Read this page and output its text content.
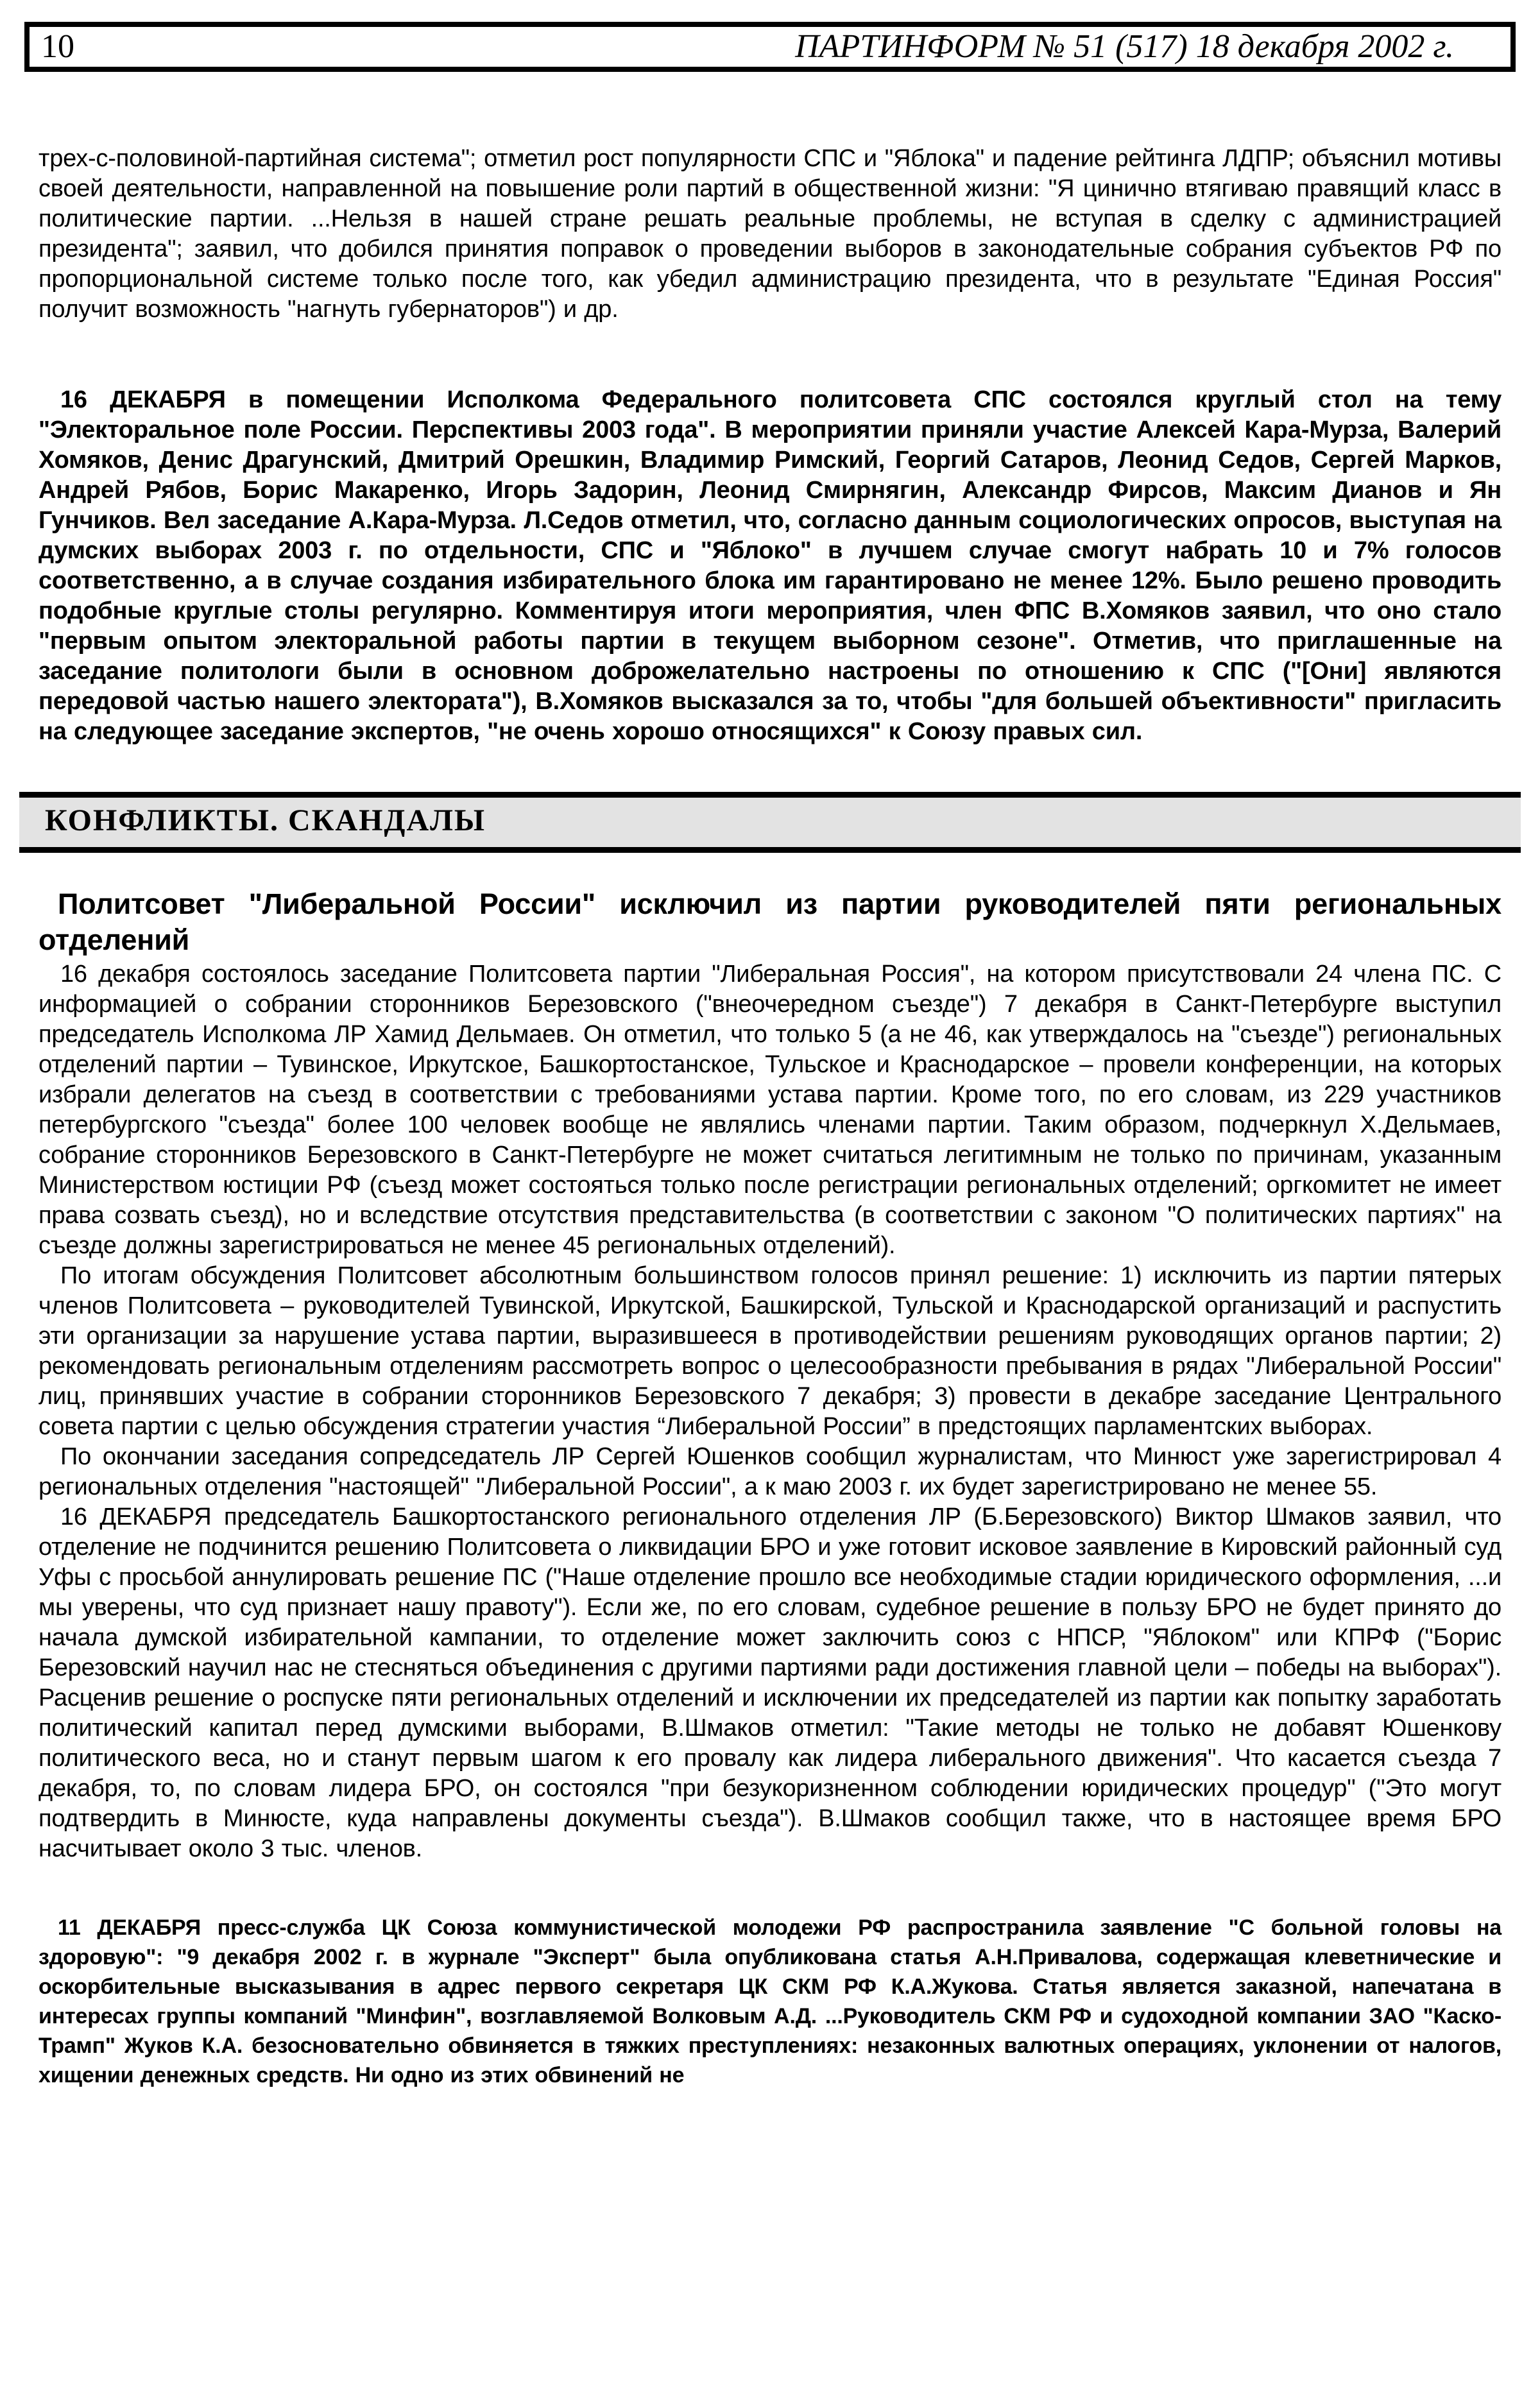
10	ПАРТИНФОРМ № 51 (517) 18 декабря 2002 г.

трех-с-половиной-партийная система"; отметил рост популярности СПС и "Яблока" и падение рейтинга ЛДПР; объяснил мотивы своей деятельности, направленной на повышение роли партий в общественной жизни: "Я цинично втягиваю правящий класс в политические партии. ...Нельзя в нашей стране решать реальные проблемы, не вступая в сделку с администрацией президента"; заявил, что добился принятия поправок о проведении выборов в законодательные собрания субъектов РФ по пропорциональной системе только после того, как убедил администрацию президента, что в результате "Единая Россия" получит возможность "нагнуть губернаторов") и др.

16 ДЕКАБРЯ в помещении Исполкома Федерального политсовета СПС состоялся круглый стол на тему "Электоральное поле России. Перспективы 2003 года". В мероприятии приняли участие Алексей Кара-Мурза, Валерий Хомяков, Денис Драгунский, Дмитрий Орешкин, Владимир Римский, Георгий Сатаров, Леонид Седов, Сергей Марков, Андрей Рябов, Борис Макаренко, Игорь Задорин, Леонид Смирнягин, Александр Фирсов, Максим Дианов и Ян Гунчиков. Вел заседание А.Кара-Мурза. Л.Седов отметил, что, согласно данным социологических опросов, выступая на думских выборах 2003 г. по отдельности, СПС и "Яблоко" в лучшем случае смогут набрать 10 и 7% голосов соответственно, а в случае создания избирательного блока им гарантировано не менее 12%. Было решено проводить подобные круглые столы регулярно. Комментируя итоги мероприятия, член ФПС В.Хомяков заявил, что оно стало "первым опытом электоральной работы партии в текущем выборном сезоне". Отметив, что приглашенные на заседание политологи были в основном доброжелательно настроены по отношению к СПС ("[Они] являются передовой частью нашего электората"), В.Хомяков высказался за то, чтобы "для большей объективности" пригласить на следующее заседание экспертов, "не очень хорошо относящихся" к Союзу правых сил.

КОНФЛИКТЫ. СКАНДАЛЫ
Политсовет "Либеральной России" исключил из партии руководителей пяти региональных отделений

16 декабря состоялось заседание Политсовета партии "Либеральная Россия", на котором присутствовали 24 члена ПС. С информацией о собрании сторонников Березовского ("внеочередном съезде") 7 декабря в Санкт-Петербурге выступил председатель Исполкома ЛР Хамид Дельмаев. Он отметил, что только 5 (а не 46, как утверждалось на "съезде") региональных отделений партии – Тувинское, Иркутское, Башкортостанское, Тульское и Краснодарское – провели конференции, на которых избрали делегатов на съезд в соответствии с требованиями устава партии. Кроме того, по его словам, из 229 участников петербургского "съезда" более 100 человек вообще не являлись членами партии. Таким образом, подчеркнул Х.Дельмаев, собрание сторонников Березовского в Санкт-Петербурге не может считаться легитимным не только по причинам, указанным Министерством юстиции РФ (съезд может состояться только после регистрации региональных отделений; оргкомитет не имеет права созвать съезд), но и вследствие отсутствия представительства (в соответствии с законом "О политических партиях" на съезде должны зарегистрироваться не менее 45 региональных отделений).

По итогам обсуждения Политсовет абсолютным большинством голосов принял решение: 1) исключить из партии пятерых членов Политсовета – руководителей Тувинской, Иркутской, Башкирской, Тульской и Краснодарской организаций и распустить эти организации за нарушение устава партии, выразившееся в противодействии решениям руководящих органов партии; 2) рекомендовать региональным отделениям рассмотреть вопрос о целесообразности пребывания в рядах "Либеральной России" лиц, принявших участие в собрании сторонников Березовского 7 декабря; 3) провести в декабре заседание Центрального совета партии с целью обсуждения стратегии участия “Либеральной России” в предстоящих парламентских выборах.

По окончании заседания сопредседатель ЛР Сергей Юшенков сообщил журналистам, что Минюст уже зарегистрировал 4 региональных отделения "настоящей" "Либеральной России", а к маю 2003 г. их будет зарегистрировано не менее 55.

16 ДЕКАБРЯ председатель Башкортостанского регионального отделения ЛР (Б.Березовского) Виктор Шмаков заявил, что отделение не подчинится решению Политсовета о ликвидации БРО и уже готовит исковое заявление в Кировский районный суд Уфы с просьбой аннулировать решение ПС ("Наше отделение прошло все необходимые стадии юридического оформления, ...и мы уверены, что суд признает нашу правоту"). Если же, по его словам, судебное решение в пользу БРО не будет принято до начала думской избирательной кампании, то отделение может заключить союз с НПСР, "Яблоком" или КПРФ ("Борис Березовский научил нас не стесняться объединения с другими партиями ради достижения главной цели – победы на выборах"). Расценив решение о роспуске пяти региональных отделений и исключении их председателей из партии как попытку заработать политический капитал перед думскими выборами, В.Шмаков отметил: "Такие методы не только не добавят Юшенкову политического веса, но и станут первым шагом к его провалу как лидера либерального движения". Что касается съезда 7 декабря, то, по словам лидера БРО, он состоялся "при безукоризненном соблюдении юридических процедур" ("Это могут подтвердить в Минюсте, куда направлены документы съезда"). В.Шмаков сообщил также, что в настоящее время БРО насчитывает около 3 тыс. членов.

11 ДЕКАБРЯ пресс-служба ЦК Союза коммунистической молодежи РФ распространила заявление "С больной головы на здоровую": "9 декабря 2002 г. в журнале "Эксперт" была опубликована статья А.Н.Привалова, содержащая клеветнические и оскорбительные высказывания в адрес первого секретаря ЦК СКМ РФ К.А.Жукова. Статья является заказной, напечатана в интересах группы компаний "Минфин", возглавляемой Волковым А.Д. ...Руководитель СКМ РФ и судоходной компании ЗАО "Каско-Трамп" Жуков К.А. безосновательно обвиняется в тяжких преступлениях: незаконных валютных операциях, уклонении от налогов, хищении денежных средств. Ни одно из этих обвинений не
